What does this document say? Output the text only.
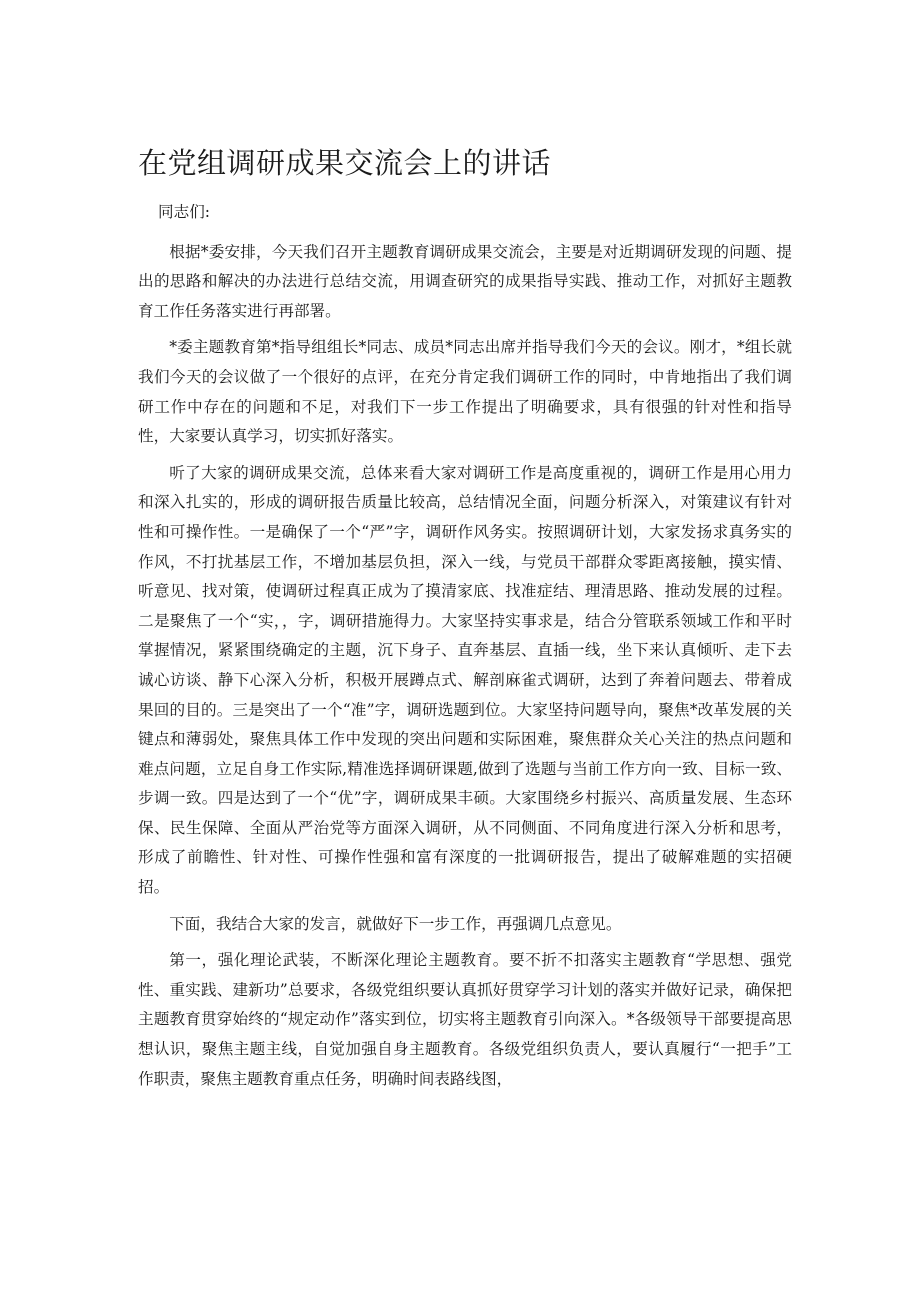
在党组调研成果交流会上的讲话

同志们:

根据*委安排，今天我们召开主题教育调研成果交流会，主要是对近期调研发现的问题、提出的思路和解决的办法进行总结交流，用调查研究的成果指导实践、推动工作，对抓好主题教育工作任务落实进行再部署。

*委主题教育第*指导组组长*同志、成员*同志出席并指导我们今天的会议。刚才，*组长就我们今天的会议做了一个很好的点评，在充分肯定我们调研工作的同时，中肯地指出了我们调研工作中存在的问题和不足，对我们下一步工作提出了明确要求，具有很强的针对性和指导性，大家要认真学习，切实抓好落实。

听了大家的调研成果交流，总体来看大家对调研工作是高度重视的，调研工作是用心用力和深入扎实的，形成的调研报告质量比较高，总结情况全面，问题分析深入，对策建议有针对性和可操作性。一是确保了一个“严”字，调研作风务实。按照调研计划，大家发扬求真务实的作风，不打扰基层工作，不增加基层负担，深入一线，与党员干部群众零距离接触，摸实情、听意见、找对策，使调研过程真正成为了摸清家底、找准症结、理清思路、推动发展的过程。二是聚焦了一个“实，，字，调研措施得力。大家坚持实事求是，结合分管联系领域工作和平时掌握情况，紧紧围绕确定的主题，沉下身子、直奔基层、直插一线，坐下来认真倾听、走下去诚心访谈、静下心深入分析，积极开展蹲点式、解剖麻雀式调研，达到了奔着问题去、带着成果回的目的。三是突出了一个“准”字，调研选题到位。大家坚持问题导向，聚焦*改革发展的关键点和薄弱处，聚焦具体工作中发现的突出问题和实际困难，聚焦群众关心关注的热点问题和难点问题，立足自身工作实际,精准选择调研课题,做到了选题与当前工作方向一致、目标一致、步调一致。四是达到了一个“优”字，调研成果丰硕。大家围绕乡村振兴、高质量发展、生态环保、民生保障、全面从严治党等方面深入调研，从不同侧面、不同角度进行深入分析和思考，形成了前瞻性、针对性、可操作性强和富有深度的一批调研报告，提出了破解难题的实招硬招。

下面，我结合大家的发言，就做好下一步工作，再强调几点意见。

第一，强化理论武装，不断深化理论主题教育。要不折不扣落实主题教育“学思想、强党性、重实践、建新功”总要求，各级党组织要认真抓好贯穿学习计划的落实并做好记录，确保把主题教育贯穿始终的“规定动作”落实到位，切实将主题教育引向深入。*各级领导干部要提高思想认识，聚焦主题主线，自觉加强自身主题教育。各级党组织负责人，要认真履行“一把手”工作职责，聚焦主题教育重点任务，明确时间表路线图，
